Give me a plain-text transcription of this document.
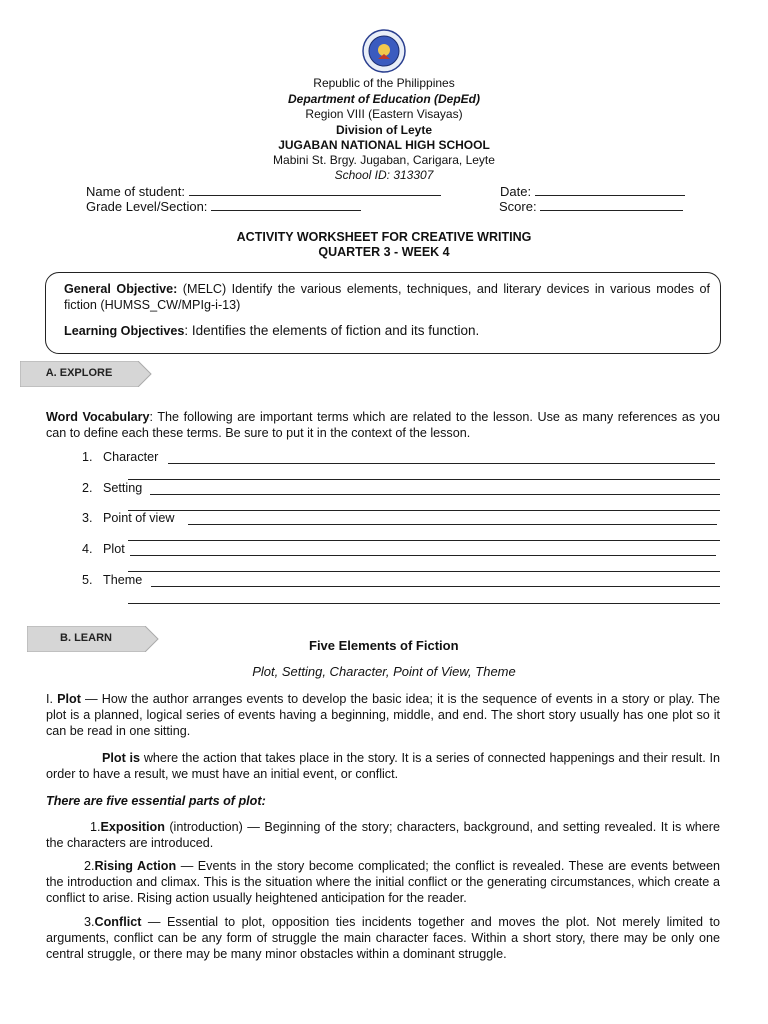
Republic of the Philippines
Department of Education (DepEd)
Region VIII (Eastern Visayas)
Division of Leyte
JUGABAN NATIONAL HIGH SCHOOL
Mabini St. Brgy. Jugaban, Carigara, Leyte
School ID: 313307
Name of student:	Date:
Grade Level/Section:	Score:
ACTIVITY WORKSHEET FOR CREATIVE WRITING
QUARTER 3 - WEEK 4
General Objective: (MELC) Identify the various elements, techniques, and literary devices in various modes of fiction (HUMSS_CW/MPIg-i-13)
Learning Objectives: Identifies the elements of fiction and its function.
A. EXPLORE
Word Vocabulary: The following are important terms which are related to the lesson. Use as many references as you can to define each these terms. Be sure to put it in the context of the lesson.
1. Character
2. Setting
3. Point of view
4. Plot
5. Theme
B. LEARN	Five Elements of Fiction
Plot, Setting, Character, Point of View, Theme
I. Plot — How the author arranges events to develop the basic idea; it is the sequence of events in a story or play. The plot is a planned, logical series of events having a beginning, middle, and end. The short story usually has one plot so it can be read in one sitting.
Plot is where the action that takes place in the story. It is a series of connected happenings and their result. In order to have a result, we must have an initial event, or conflict.
There are five essential parts of plot:
1.Exposition (introduction) — Beginning of the story; characters, background, and setting revealed. It is where the characters are introduced.
2.Rising Action — Events in the story become complicated; the conflict is revealed. These are events between the introduction and climax. This is the situation where the initial conflict or the generating circumstances, which create a conflict to arise. Rising action usually heightened anticipation for the reader.
3.Conflict — Essential to plot, opposition ties incidents together and moves the plot. Not merely limited to arguments, conflict can be any form of struggle the main character faces. Within a short story, there may be only one central struggle, or there may be many minor obstacles within a dominant struggle.
